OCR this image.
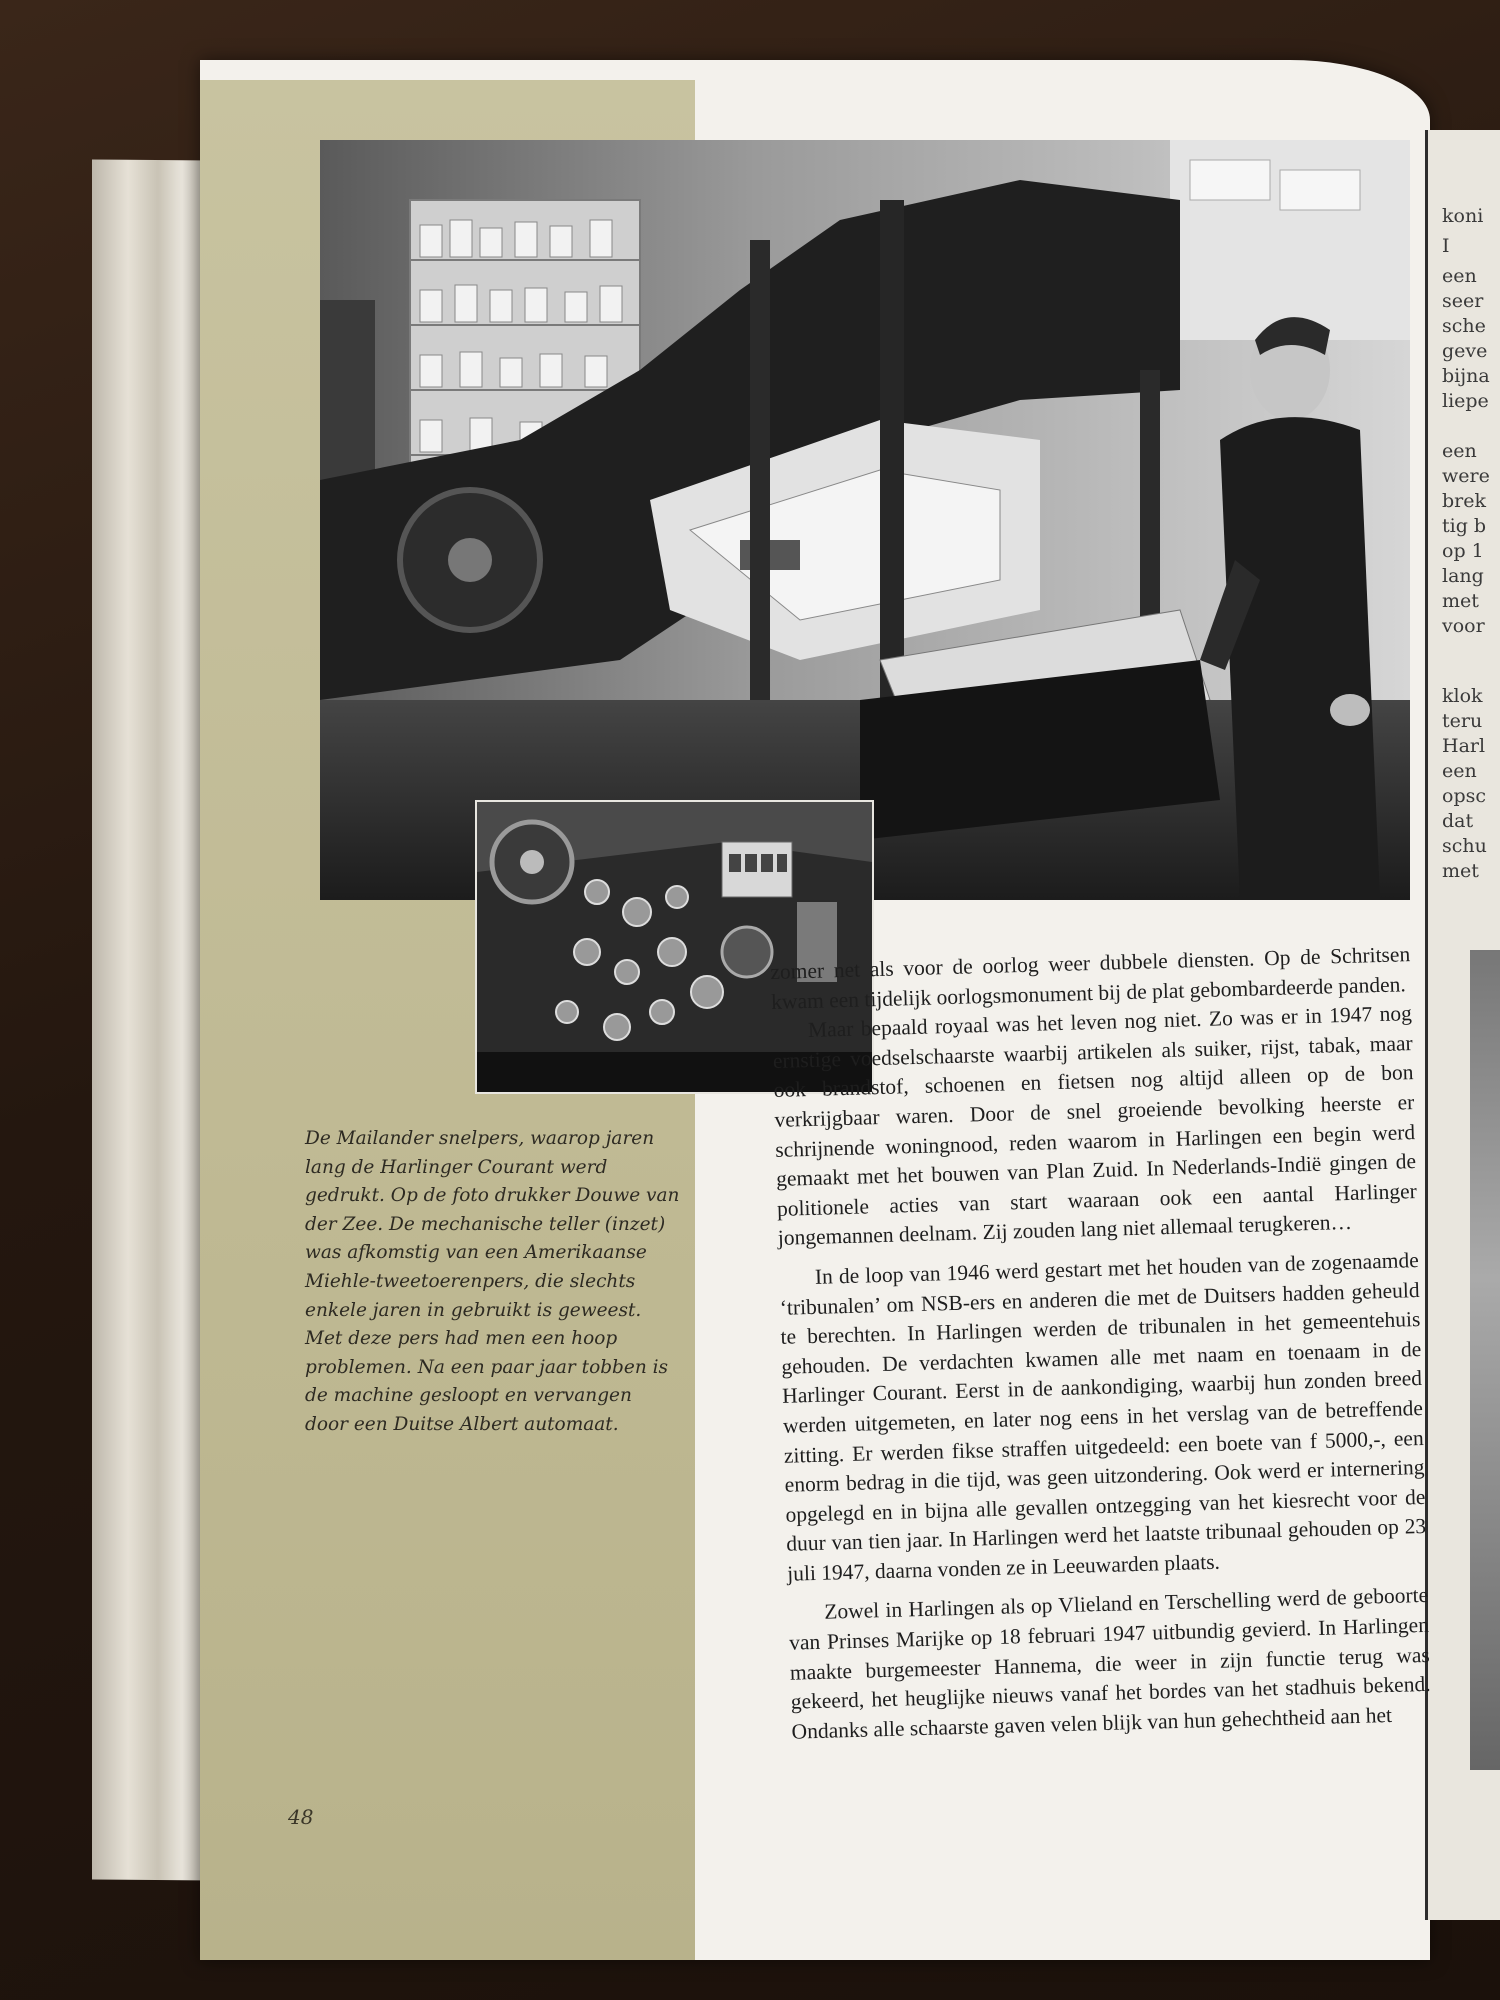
koni
I
een
seer
sche
geve
bijna
liepe
een
were
brek
tig b
op 1
lang
met
voor
klok
teru
Harl
een
opsc
dat
schu
met
De Mailander snelpers, waarop jaren lang de Harlinger Courant werd gedrukt. Op de foto drukker Douwe van der Zee. De mechanische teller (inzet) was afkomstig van een Amerikaanse Miehle-tweetoerenpers, die slechts enkele jaren in gebruikt is geweest. Met deze pers had men een hoop problemen. Na een paar jaar tobben is de machine gesloopt en vervangen door een Duitse Albert automaat.

zomer net als voor de oorlog weer dubbele diensten. Op de Schritsen kwam een tijdelijk oorlogsmonument bij de plat gebombardeerde panden.

Maar bepaald royaal was het leven nog niet. Zo was er in 1947 nog ernstige voedselschaarste waarbij artikelen als suiker, rijst, tabak, maar ook brandstof, schoenen en fietsen nog altijd alleen op de bon verkrijgbaar waren. Door de snel groeiende bevolking heerste er schrijnende woningnood, reden waarom in Harlingen een begin werd gemaakt met het bouwen van Plan Zuid. In Nederlands-Indië gingen de politionele acties van start waaraan ook een aantal Harlinger jongemannen deelnam. Zij zouden lang niet allemaal terugkeren…

In de loop van 1946 werd gestart met het houden van de zogenaamde ‘tribunalen’ om NSB-ers en anderen die met de Duitsers hadden geheuld te berechten. In Harlingen werden de tribunalen in het gemeentehuis gehouden. De verdachten kwamen alle met naam en toenaam in de Harlinger Courant. Eerst in de aankondiging, waarbij hun zonden breed werden uitgemeten, en later nog eens in het verslag van de betreffende zitting. Er werden fikse straffen uitgedeeld: een boete van f 5000,-, een enorm bedrag in die tijd, was geen uitzondering. Ook werd er internering opgelegd en in bijna alle gevallen ontzegging van het kiesrecht voor de duur van tien jaar. In Harlingen werd het laatste tribunaal gehouden op 23 juli 1947, daarna vonden ze in Leeuwarden plaats.

Zowel in Harlingen als op Vlieland en Terschelling werd de geboorte van Prinses Marijke op 18 februari 1947 uitbundig gevierd. In Harlingen maakte burgemeester Hannema, die weer in zijn functie terug was gekeerd, het heuglijke nieuws vanaf het bordes van het stadhuis bekend. Ondanks alle schaarste gaven velen blijk van hun gehechtheid aan het

48
